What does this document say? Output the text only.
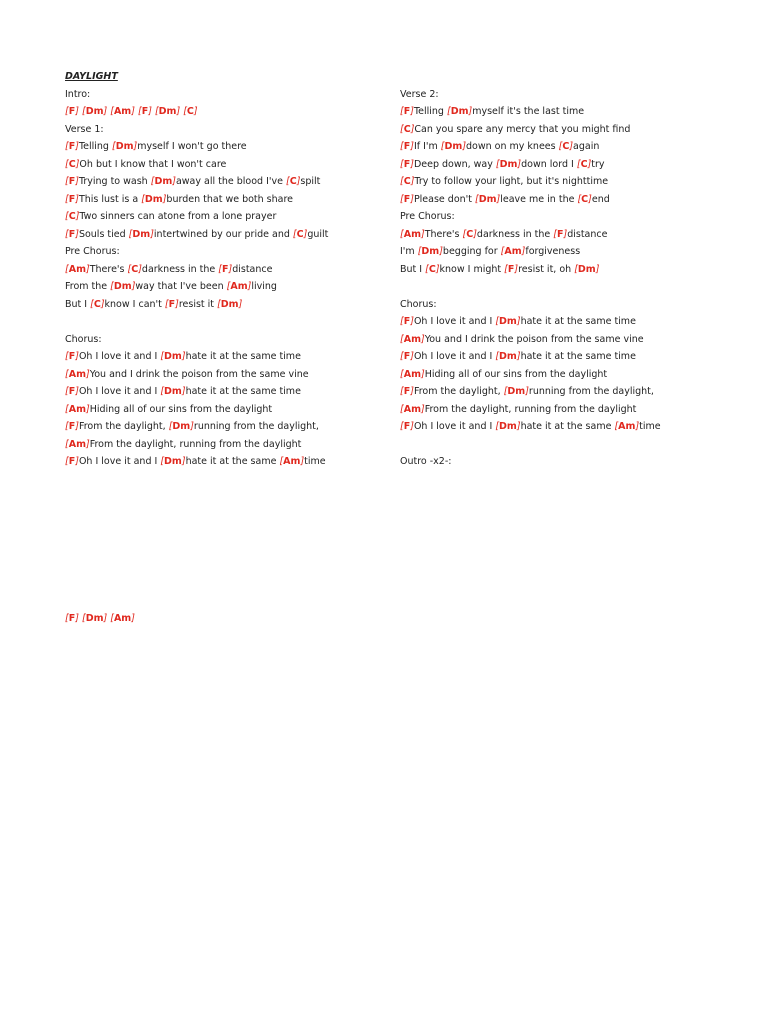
DAYLIGHT
Intro:
[F] [Dm] [Am] [F] [Dm] [C]
Verse 1:
[F]Telling [Dm]myself I won't go there
[C]Oh but I know that I won't care
[F]Trying to wash [Dm]away all the blood I've [C]spilt
[F]This lust is a [Dm]burden that we both share
[C]Two sinners can atone from a lone prayer
[F]Souls tied [Dm]intertwined by our pride and [C]guilt
Pre Chorus:
[Am]There's [C]darkness in the [F]distance
From the [Dm]way that I've been [Am]living
But I [C]know I can't [F]resist it [Dm]
Chorus:
[F]Oh I love it and I [Dm]hate it at the same time
[Am]You and I drink the poison from the same vine
[F]Oh I love it and I [Dm]hate it at the same time
[Am]Hiding all of our sins from the daylight
[F]From the daylight, [Dm]running from the daylight,
[Am]From the daylight, running from the daylight
[F]Oh I love it and I [Dm]hate it at the same [Am]time
Verse 2:
[F]Telling [Dm]myself it's the last time
[C]Can you spare any mercy that you might find
[F]If I'm [Dm]down on my knees [C]again
[F]Deep down, way [Dm]down lord I [C]try
[C]Try to follow your light, but it's nighttime
[F]Please don't [Dm]leave me in the [C]end
Pre Chorus:
[Am]There's [C]darkness in the [F]distance
I'm [Dm]begging for [Am]forgiveness
But I [C]know I might [F]resist it, oh [Dm]
Chorus:
[F]Oh I love it and I [Dm]hate it at the same time
[Am]You and I drink the poison from the same vine
[F]Oh I love it and I [Dm]hate it at the same time
[Am]Hiding all of our sins from the daylight
[F]From the daylight, [Dm]running from the daylight,
[Am]From the daylight, running from the daylight
[F]Oh I love it and I [Dm]hate it at the same [Am]time
Outro -x2-:
[F] [Dm] [Am]
